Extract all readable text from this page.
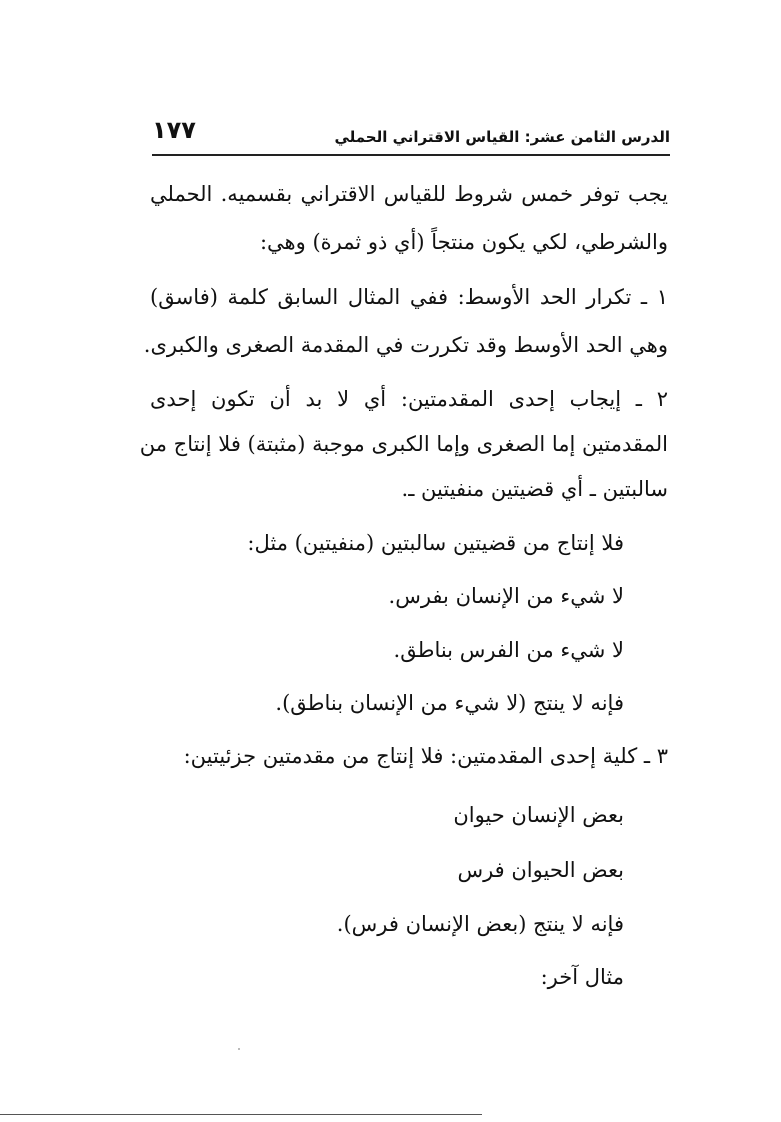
١٧٧	الدرس الثامن عشر: القياس الاقتراني الحملي
يجب توفر خمس شروط للقياس الاقتراني بقسميه. الحملي
والشرطي، لكي يكون منتجاً (أي ذو ثمرة) وهي:
١ ـ تكرار الحد الأوسط: ففي المثال السابق كلمة (فاسق)
وهي الحد الأوسط وقد تكررت في المقدمة الصغرى والكبرى.
٢ ـ إيجاب إحدى المقدمتين: أي لا بد أن تكون إحدى
المقدمتين إما الصغرى وإما الكبرى موجبة (مثبتة) فلا إنتاج من
سالبتين ـ أي قضيتين منفيتين ـ.
فلا إنتاج من قضيتين سالبتين (منفيتين) مثل:
لا شيء من الإنسان بفرس.
لا شيء من الفرس بناطق.
فإنه لا ينتج (لا شيء من الإنسان بناطق).
٣ ـ كلية إحدى المقدمتين: فلا إنتاج من مقدمتين جزئيتين:
بعض الإنسان حيوان
بعض الحيوان فرس
فإنه لا ينتج (بعض الإنسان فرس).
مثال آخر:
